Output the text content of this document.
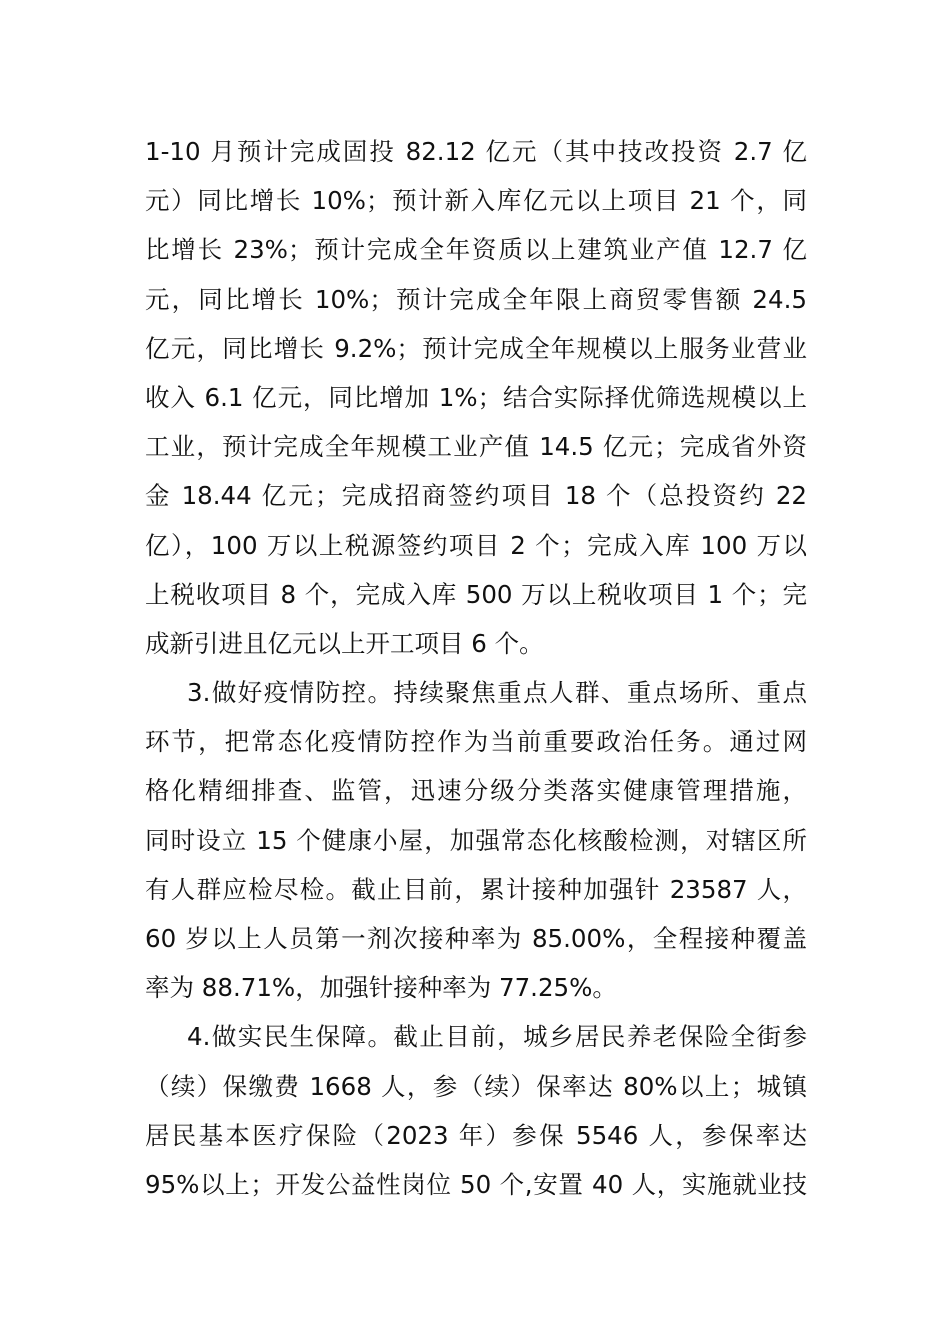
1-10 月预计完成固投 82.12 亿元（其中技改投资 2.7 亿
元）同比增长 10%；预计新入库亿元以上项目 21 个，同
比增长 23%；预计完成全年资质以上建筑业产值 12.7 亿
元，同比增长 10%；预计完成全年限上商贸零售额 24.5
亿元，同比增长 9.2%；预计完成全年规模以上服务业营业
收入 6.1 亿元，同比增加 1%；结合实际择优筛选规模以上
工业，预计完成全年规模工业产值 14.5 亿元；完成省外资
金 18.44 亿元；完成招商签约项目 18 个（总投资约 22
亿），100 万以上税源签约项目 2 个；完成入库 100 万以
上税收项目 8 个，完成入库 500 万以上税收项目 1 个；完
成新引进且亿元以上开工项目 6 个。
3.做好疫情防控。持续聚焦重点人群、重点场所、重点
环节，把常态化疫情防控作为当前重要政治任务。通过网
格化精细排查、监管，迅速分级分类落实健康管理措施，
同时设立 15 个健康小屋，加强常态化核酸检测，对辖区所
有人群应检尽检。截止目前，累计接种加强针 23587 人，
60 岁以上人员第一剂次接种率为 85.00%，全程接种覆盖
率为 88.71%，加强针接种率为 77.25%。
4.做实民生保障。截止目前，城乡居民养老保险全街参
（续）保缴费 1668 人，参（续）保率达 80%以上；城镇
居民基本医疗保险（2023 年）参保 5546 人，参保率达
95%以上；开发公益性岗位 50 个,安置 40 人，实施就业技
